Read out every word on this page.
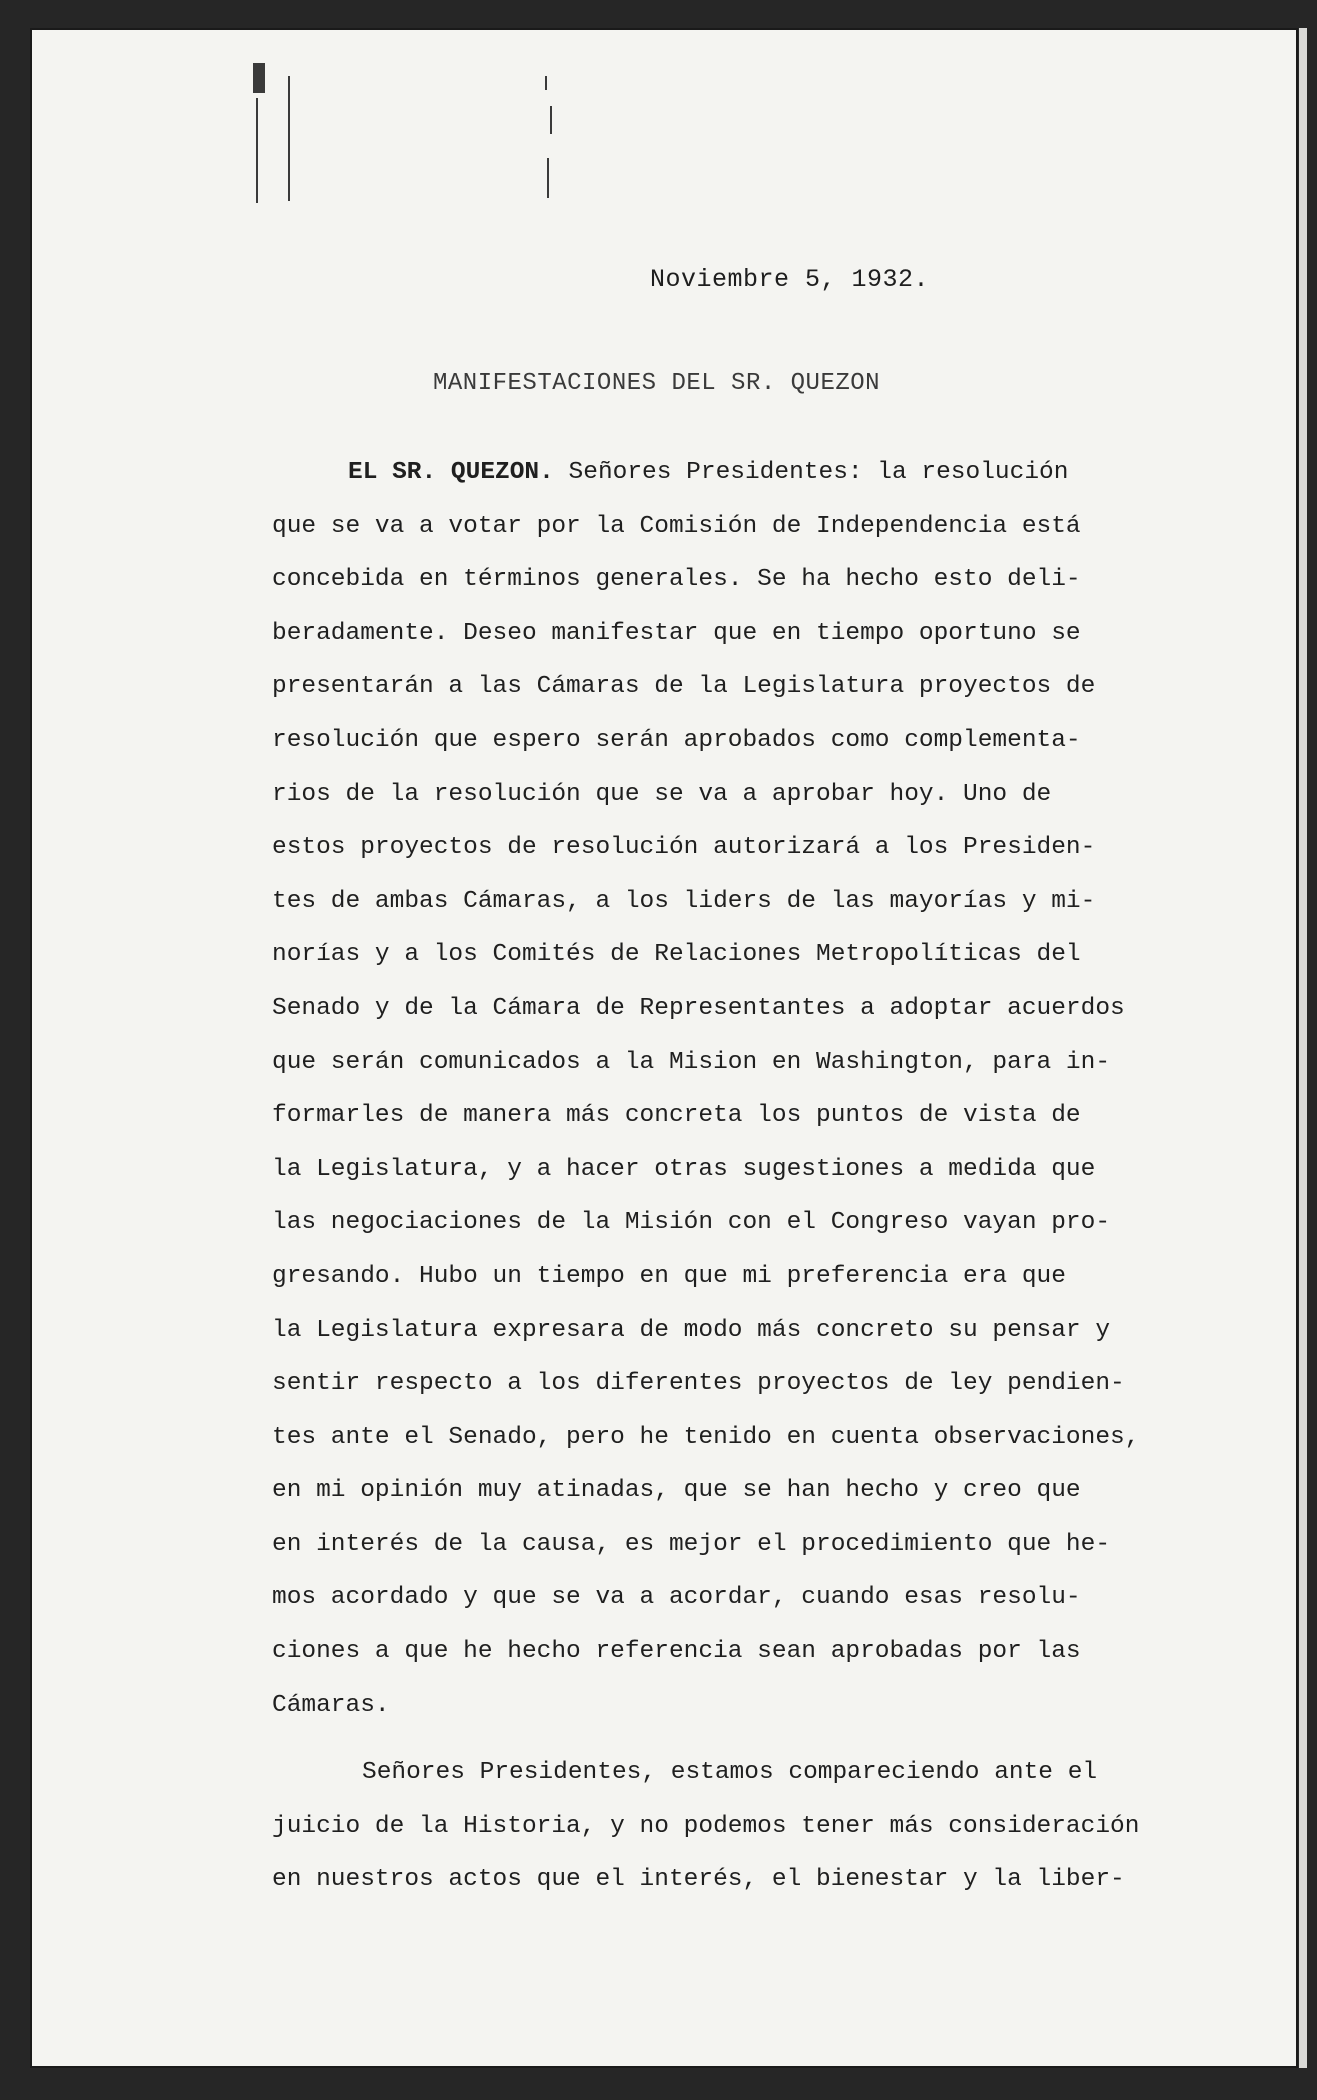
Noviembre 5, 1932.
MANIFESTACIONES DEL SR. QUEZON
EL SR. QUEZON. Señores Presidentes: la resolución
que se va a votar por la Comisión de Independencia está
concebida en términos generales. Se ha hecho esto deli-
beradamente. Deseo manifestar que en tiempo oportuno se
presentarán a las Cámaras de la Legislatura proyectos de
resolución que espero serán aprobados como complementa-
rios de la resolución que se va a aprobar hoy. Uno de
estos proyectos de resolución autorizará a los Presiden-
tes de ambas Cámaras, a los liders de las mayorías y mi-
norías y a los Comités de Relaciones Metropolíticas del
Senado y de la Cámara de Representantes a adoptar acuerdos
que serán comunicados a la Mision en Washington, para in-
formarles de manera más concreta los puntos de vista de
la Legislatura, y a hacer otras sugestiones a medida que
las negociaciones de la Misión con el Congreso vayan pro-
gresando. Hubo un tiempo en que mi preferencia era que
la Legislatura expresara de modo más concreto su pensar y
sentir respecto a los diferentes proyectos de ley pendien-
tes ante el Senado, pero he tenido en cuenta observaciones,
en mi opinión muy atinadas, que se han hecho y creo que
en interés de la causa, es mejor el procedimiento que he-
mos acordado y que se va a acordar, cuando esas resolu-
ciones a que he hecho referencia sean aprobadas por las
Cámaras.
Señores Presidentes, estamos compareciendo ante el
juicio de la Historia, y no podemos tener más consideración
en nuestros actos que el interés, el bienestar y la liber-
